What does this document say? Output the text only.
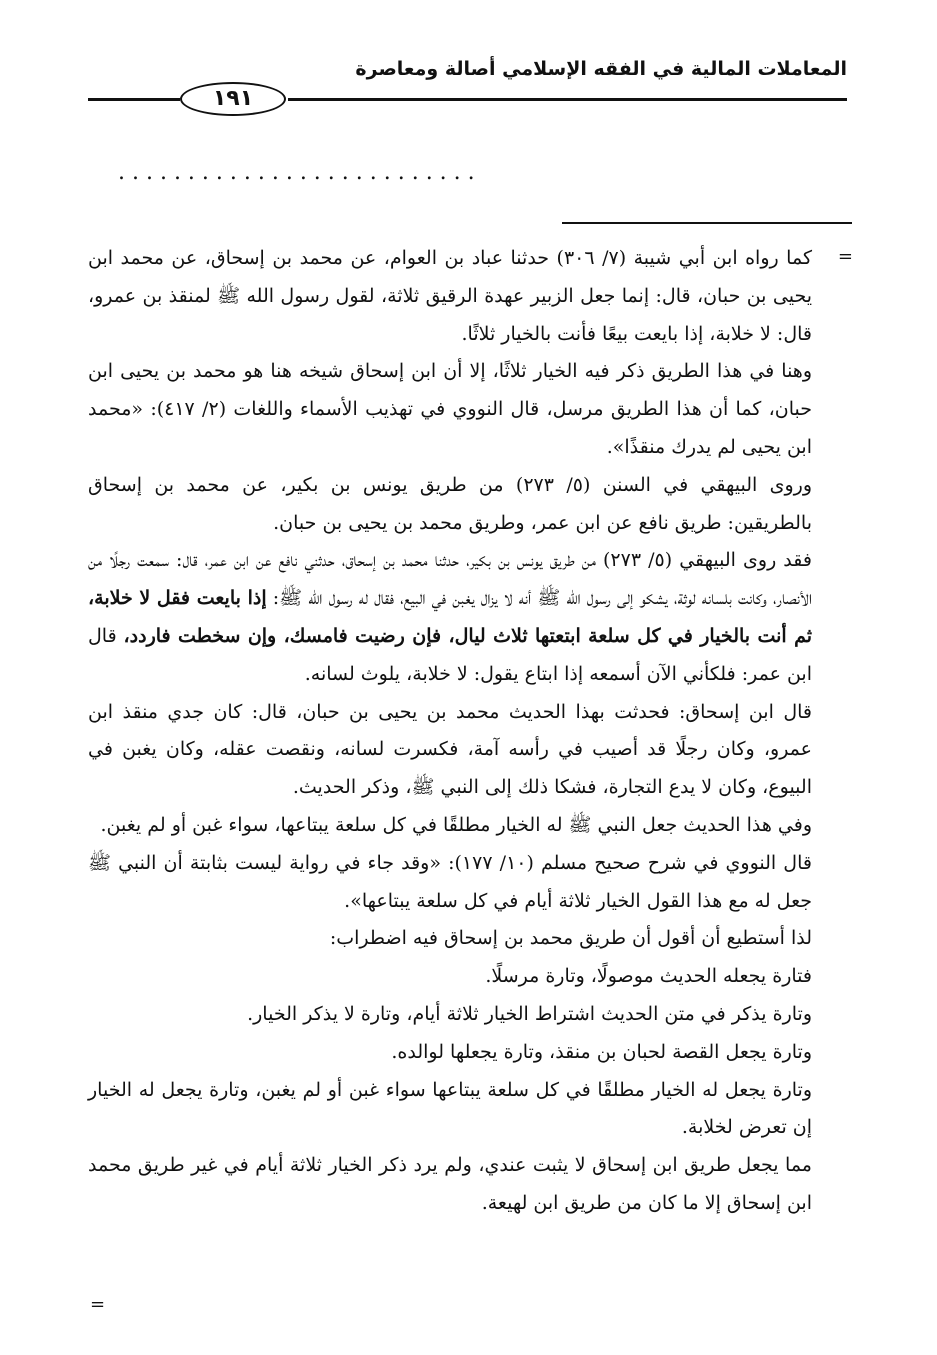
المعاملات المالية في الفقه الإسلامي أصالة ومعاصرة
١٩١
. . . . . . . . . . . . . . . . . . . . . . . . . .
=

كما رواه ابن أبي شيبة (٧/ ٣٠٦) حدثنا عباد بن العوام، عن محمد بن إسحاق، عن محمد ابن يحيى بن حبان، قال: إنما جعل الزبير عهدة الرقيق ثلاثة، لقول رسول الله ﷺ لمنقذ بن عمرو، قال: لا خلابة، إذا بايعت بيعًا فأنت بالخيار ثلاثًا.

وهنا في هذا الطريق ذكر فيه الخيار ثلاثًا، إلا أن ابن إسحاق شيخه هنا هو محمد بن يحيى ابن حبان، كما أن هذا الطريق مرسل، قال النووي في تهذيب الأسماء واللغات (٢/ ٤١٧): «محمد ابن يحيى لم يدرك منقذًا».

وروى البيهقي في السنن (٥/ ٢٧٣) من طريق يونس بن بكير، عن محمد بن إسحاق بالطريقين: طريق نافع عن ابن عمر، وطريق محمد بن يحيى بن حبان.

فقد روى البيهقي (٥/ ٢٧٣) من طريق يونس بن بكير، حدثنا محمد بن إسحاق، حدثني نافع عن ابن عمر، قال: سمعت رجلًا من الأنصار، وكانت بلسانه لوثة، يشكو إلى رسول الله ﷺ أنه لا يزال يغبن في البيع، فقال له رسول الله ﷺ: إذا بايعت فقل لا خلابة، ثم أنت بالخيار في كل سلعة ابتعتها ثلاث ليال، فإن رضيت فامسك، وإن سخطت فاردد، قال ابن عمر: فلكأني الآن أسمعه إذا ابتاع يقول: لا خلابة، يلوث لسانه.

قال ابن إسحاق: فحدثت بهذا الحديث محمد بن يحيى بن حبان، قال: كان جدي منقذ ابن عمرو، وكان رجلًا قد أصيب في رأسه آمة، فكسرت لسانه، ونقصت عقله، وكان يغبن في البيوع، وكان لا يدع التجارة، فشكا ذلك إلى النبي ﷺ، وذكر الحديث.

وفي هذا الحديث جعل النبي ﷺ له الخيار مطلقًا في كل سلعة يبتاعها، سواء غبن أو لم يغبن.

قال النووي في شرح صحيح مسلم (١٠/ ١٧٧): «وقد جاء في رواية ليست بثابتة أن النبي ﷺ جعل له مع هذا القول الخيار ثلاثة أيام في كل سلعة يبتاعها».

لذا أستطيع أن أقول أن طريق محمد بن إسحاق فيه اضطراب:

فتارة يجعله الحديث موصولًا، وتارة مرسلًا.

وتارة يذكر في متن الحديث اشتراط الخيار ثلاثة أيام، وتارة لا يذكر الخيار.

وتارة يجعل القصة لحبان بن منقذ، وتارة يجعلها لوالده.

وتارة يجعل له الخيار مطلقًا في كل سلعة يبتاعها سواء غبن أو لم يغبن، وتارة يجعل له الخيار إن تعرض لخلابة.

مما يجعل طريق ابن إسحاق لا يثبت عندي، ولم يرد ذكر الخيار ثلاثة أيام في غير طريق محمد ابن إسحاق إلا ما كان من طريق ابن لهيعة.

=
